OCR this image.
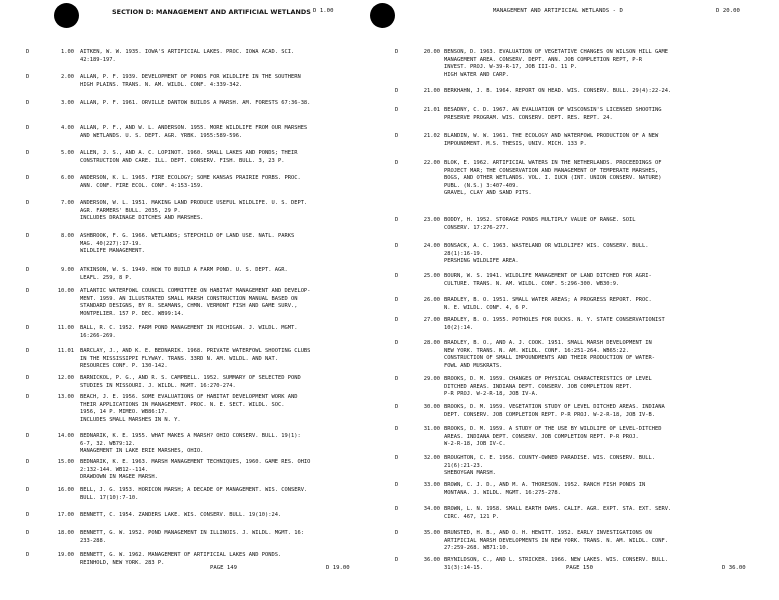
SECTION D: MANAGEMENT AND ARTIFICIAL WETLANDS D 1.00
D	1.00 AITKEN, W. W. 1935. IOWA'S ARTIFICIAL LAKES. PROC. IOWA ACAD. SCI.
42:189-197.
D	2.00 ALLAN, P. F. 1939. DEVELOPMENT OF PONDS FOR WILDLIFE IN THE SOUTHERN
HIGH PLAINS. TRANS. N. AM. WILDL. CONF. 4:339-342.
D	3.00 ALLAN, P. F. 1961. ORVILLE DANTOW BUILDS A MARSH. AM. FORESTS 67:36-38.
D	4.00 ALLAN, P. F., AND W. L. ANDERSON. 1955. MORE WILDLIFE FROM OUR MARSHES
AND WETLANDS. U. S. DEPT. AGR. YRBK. 1955:589-596.
D	5.00 ALLEN, J. S., AND A. C. LOPINOT. 1960. SMALL LAKES AND PONDS; THEIR
CONSTRUCTION AND CARE. ILL. DEPT. CONSERV. FISH. BULL. 3, 23 P.
D	6.00 ANDERSON, K. L. 1965. FIRE ECOLOGY; SOME KANSAS PRAIRIE FORBS. PROC.
ANN. CONF. FIRE ECOL. CONF. 4:153-159.
D	7.00 ANDERSON, W. L. 1951. MAKING LAND PRODUCE USEFUL WILDLIFE. U. S. DEPT.
AGR. FARMERS' BULL. 2035, 29 P.
INCLUDES DRAINAGE DITCHES AND MARSHES.
D	8.00 ASHBROOK, F. G. 1966. WETLANDS; STEPCHILD OF LAND USE. NATL. PARKS
MAG. 40(227):17-19.
WILDLIFE MANAGEMENT.
D	9.00 ATKINSON, W. S. 1949. HOW TO BUILD A FARM POND. U. S. DEPT. AGR.
LEAFL. 259, 8 P.
D	10.00 ATLANTIC WATERFOWL COUNCIL COMMITTEE ON HABITAT MANAGEMENT AND DEVELOP-
MENT. 1959. AN ILLUSTRATED SMALL MARSH CONSTRUCTION MANUAL BASED ON
STANDARD DESIGNS, BY R. SEAMANS, CHMN. VERMONT FISH AND GAME SURV.,
MONTPELIER. 157 P. DEC. WB99:14.
D	11.00 BALL, R. C. 1952. FARM POND MANAGEMENT IN MICHIGAN. J. WILDL. MGMT.
16:266-269.
D	11.01 BARCLAY, J., AND K. E. BEDNARIK. 1968. PRIVATE WATERFOWL SHOOTING CLUBS
IN THE MISSISSIPPI FLYWAY. TRANS. 33RD N. AM. WILDL. AND NAT.
RESOURCES CONF. P. 130-142.
D	12.00 BARNICKOL, P. G., AND R. S. CAMPBELL. 1952. SUMMARY OF SELECTED POND
STUDIES IN MISSOURI. J. WILDL. MGMT. 16:270-274.
D	13.00 BEACH, J. E. 1956. SOME EVALUATIONS OF HABITAT DEVELOPMENT WORK AND
THEIR APPLICATIONS IN MANAGEMENT. PROC. N. E. SECT. WILDL. SOC.
1956, 14 P. MIMEO. WB86:17.
INCLUDES SMALL MARSHES IN N. Y.
D	14.00 BEDNARIK, K. E. 1955. WHAT MAKES A MARSH? OHIO CONSERV. BULL. 19(1):
6-7, 32. WB79:12.
MANAGEMENT IN LAKE ERIE MARSHES, OHIO.
D	15.00 BEDNARIK, K. E. 1963. MARSH MANAGEMENT TECHNIQUES, 1960. GAME RES. OHIO
2:132-144. WB12--114.
DRAWDOWN IN MAGEE MARSH.
D	16.00 BELL, J. G. 1953. HORICON MARSH; A DECADE OF MANAGEMENT. WIS. CONSERV.
BULL. 17(10):7-10.
D	17.00 BENNETT, C. 1954. ZANDERS LAKE. WIS. CONSERV. BULL. 19(10):24.
D	18.00 BENNETT, G. W. 1952. POND MANAGEMENT IN ILLINOIS. J. WILDL. MGMT. 16:
233-288.
D	19.00 BENNETT, G. W. 1962. MANAGEMENT OF ARTIFICIAL LAKES AND PONDS.
REINHOLD, NEW YORK. 283 P.
PAGE 149	D 19.00
MANAGEMENT AND ARTIFICIAL WETLANDS - D	D 20.00
D	20.00 BENSON, D. 1963. EVALUATION OF VEGETATIVE CHANGES ON WILSON HILL GAME
MANAGEMENT AREA. CONSERV. DEPT. ANN. JOB COMPLETION REPT, P-R
INVEST. PROJ. W-39-R-17, JOB III-D. 11 P.
HIGH WATER AND CARP.
D	21.00 BERKHAHN, J. B. 1964. REPORT ON HEAD. WIS. CONSERV. BULL. 29(4):22-24.
D	21.01 BESADNY, C. D. 1967. AN EVALUATION OF WISCONSIN'S LICENSED SHOOTING
PRESERVE PROGRAM. WIS. CONSERV. DEPT. RES. REPT. 24.
D	21.02 BLANDIN, W. W. 1961. THE ECOLOGY AND WATERFOWL PRODUCTION OF A NEW
IMPOUNDMENT. M.S. THESIS, UNIV. MICH. 133 P.
D	22.00 BLOK, E. 1962. ARTIFICIAL WATERS IN THE NETHERLANDS. PROCEEDINGS OF
PROJECT MAR; THE CONSERVATION AND MANAGEMENT OF TEMPERATE MARSHES,
BOGS, AND OTHER WETLANDS. VOL. I. IUCN (INT. UNION CONSERV. NATURE)
PUBL. (N.S.) 3:407-409.
GRAVEL, CLAY AND SAND PITS.
D	23.00 BODDY, H. 1952. STORAGE PONDS MULTIPLY VALUE OF RANGE. SOIL
CONSERV. 17:276-277.
D	24.00 BONSACK, A. C. 1963. WASTELAND OR WILDLIFE? WIS. CONSERV. BULL.
28(1):16-19.
PERSHING WILDLIFE AREA.
D	25.00 BOURN, W. S. 1941. WILDLIFE MANAGEMENT OF LAND DITCHED FOR AGRI-
CULTURE. TRANS. N. AM. WILDL. CONF. 5:296-300. WB30:9.
D	26.00 BRADLEY, B. O. 1951. SMALL WATER AREAS; A PROGRESS REPORT. PROC.
N. E. WILDL. CONF. 4, 6 P.
D	27.00 BRADLEY, B. O. 1955. POTHOLES FOR DUCKS. N. Y. STATE CONSERVATIONIST
10(2):14.
D	28.00 BRADLEY, B. O., AND A. J. COOK. 1951. SMALL MARSH DEVELOPMENT IN
NEW YORK. TRANS. N. AM. WILDL. CONF. 16:251-264. WB65:22.
CONSTRUCTION OF SMALL IMPOUNDMENTS AND THEIR PRODUCTION OF WATER-
FOWL AND MUSKRATS.
D	29.00 BROOKS, D. M. 1959. CHANGES OF PHYSICAL CHARACTERISTICS OF LEVEL
DITCHED AREAS. INDIANA DEPT. CONSERV. JOB COMPLETION REPT.
P-R PROJ. W-2-R-18, JOB IV-A.
D	30.00 BROOKS, D. M. 1959. VEGETATION STUDY OF LEVEL DITCHED AREAS. INDIANA
DEPT. CONSERV. JOB COMPLETION REPT. P-R PROJ. W-2-R-18, JOB IV-B.
D	31.00 BROOKS, D. M. 1959. A STUDY OF THE USE BY WILDLIFE OF LEVEL-DITCHED
AREAS. INDIANA DEPT. CONSERV. JOB COMPLETION REPT. P-R PROJ.
W-2-R-18, JOB IV-C.
D	32.00 BROUGHTON, C. E. 1956. COUNTY-OWNED PARADISE. WIS. CONSERV. BULL.
21(6):21-23.
SHEBOYGAN MARSH.
D	33.00 BROWN, C. J. D., AND M. A. THORESON. 1952. RANCH FISH PONDS IN
MONTANA. J. WILDL. MGMT. 16:275-278.
D	34.00 BROWN, L. N. 1958. SMALL EARTH DAMS. CALIF. AGR. EXPT. STA. EXT. SERV.
CIRC. 467, 121 P.
D	35.00 BRUNSTED, H. B., AND O. H. HEWITT. 1952. EARLY INVESTIGATIONS ON
ARTIFICIAL MARSH DEVELOPMENTS IN NEW YORK. TRANS. N. AM. WILDL. CONF.
27:259-268. WB71:10.
D	36.00 BRYNILDSON, C., AND L. STRICKER. 1966. NEW LAKES. WIS. CONSERV. BULL.
31(3):14-15.	PAGE 150	D 36.00
